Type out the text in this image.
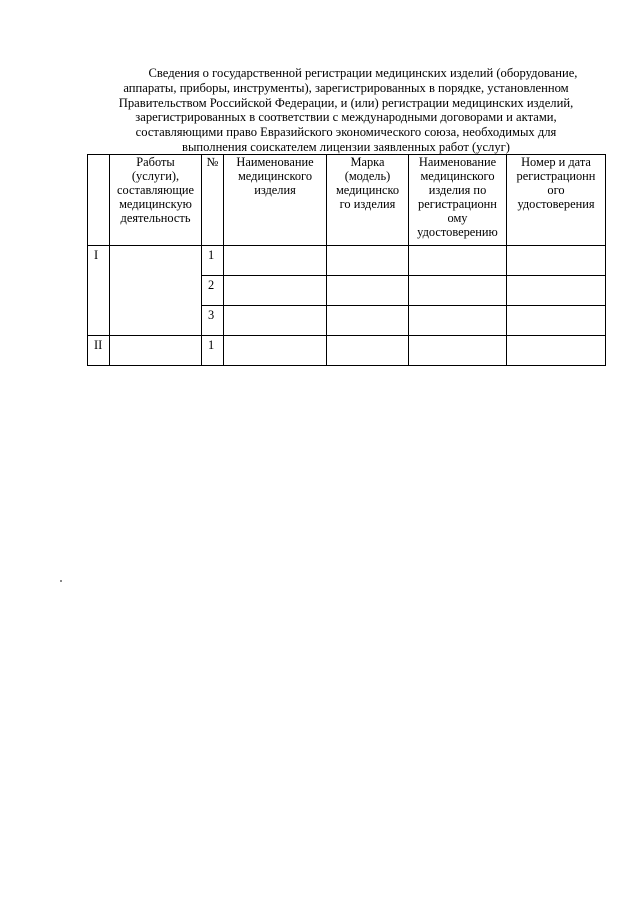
Сведения о государственной регистрации медицинских изделий (оборудование,
аппараты, приборы, инструменты), зарегистрированных в порядке, установленном
Правительством Российской Федерации, и (или) регистрации медицинских изделий,
зарегистрированных в соответствии с международными договорами и актами,
составляющими право Евразийского экономического союза, необходимых для
выполнения соискателем лицензии заявленных работ (услуг)
	Работы (услуги), составляющие медицинскую деятельность	№	Наименование медицинского изделия	Марка (модель) медицинско го изделия	Наименование медицинского изделия по регистрационн ому удостоверению	Номер и дата регистрационн ого удостоверения
I		1				
		2				
		3				
II		1				
